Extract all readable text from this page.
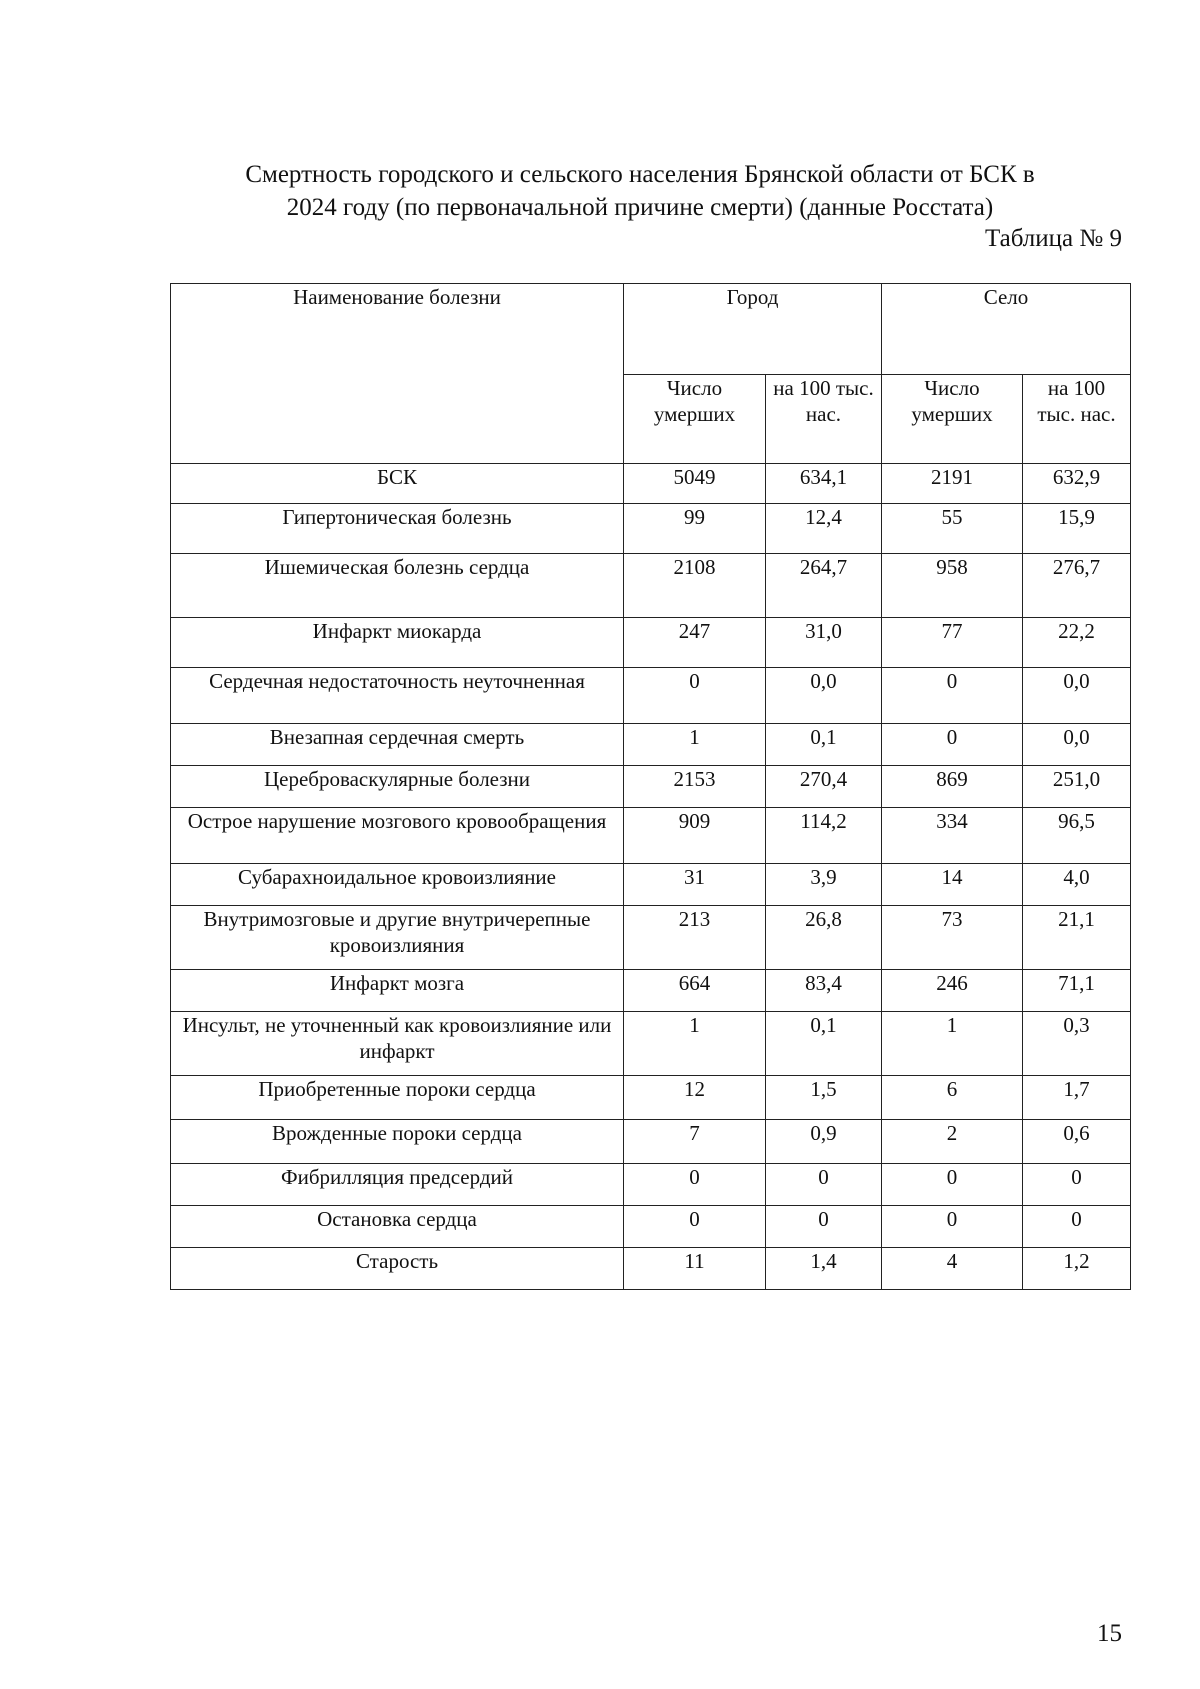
Смертность городского и сельского населения Брянской области от БСК в
2024 году (по первоначальной причине смерти) (данные Росстата)
Таблица № 9
Наименование болезни	Город		Село	
	Число умерших	на 100 тыс. нас.	Число умерших	на 100 тыс. нас.
БСК	5049	634,1	2191	632,9
Гипертоническая болезнь	99	12,4	55	15,9
Ишемическая болезнь сердца	2108	264,7	958	276,7
Инфаркт миокарда	247	31,0	77	22,2
Сердечная недостаточность неуточненная	0	0,0	0	0,0
Внезапная сердечная смерть	1	0,1	0	0,0
Цереброваскулярные болезни	2153	270,4	869	251,0
Острое нарушение мозгового кровообращения	909	114,2	334	96,5
Субарахноидальное кровоизлияние	31	3,9	14	4,0
Внутримозговые и другие внутричерепные кровоизлияния	213	26,8	73	21,1
Инфаркт мозга	664	83,4	246	71,1
Инсульт, не уточненный как кровоизлияние или инфаркт	1	0,1	1	0,3
Приобретенные пороки сердца	12	1,5	6	1,7
Врожденные пороки сердца	7	0,9	2	0,6
Фибрилляция предсердий	0	0	0	0
Остановка сердца	0	0	0	0
Старость	11	1,4	4	1,2
15
